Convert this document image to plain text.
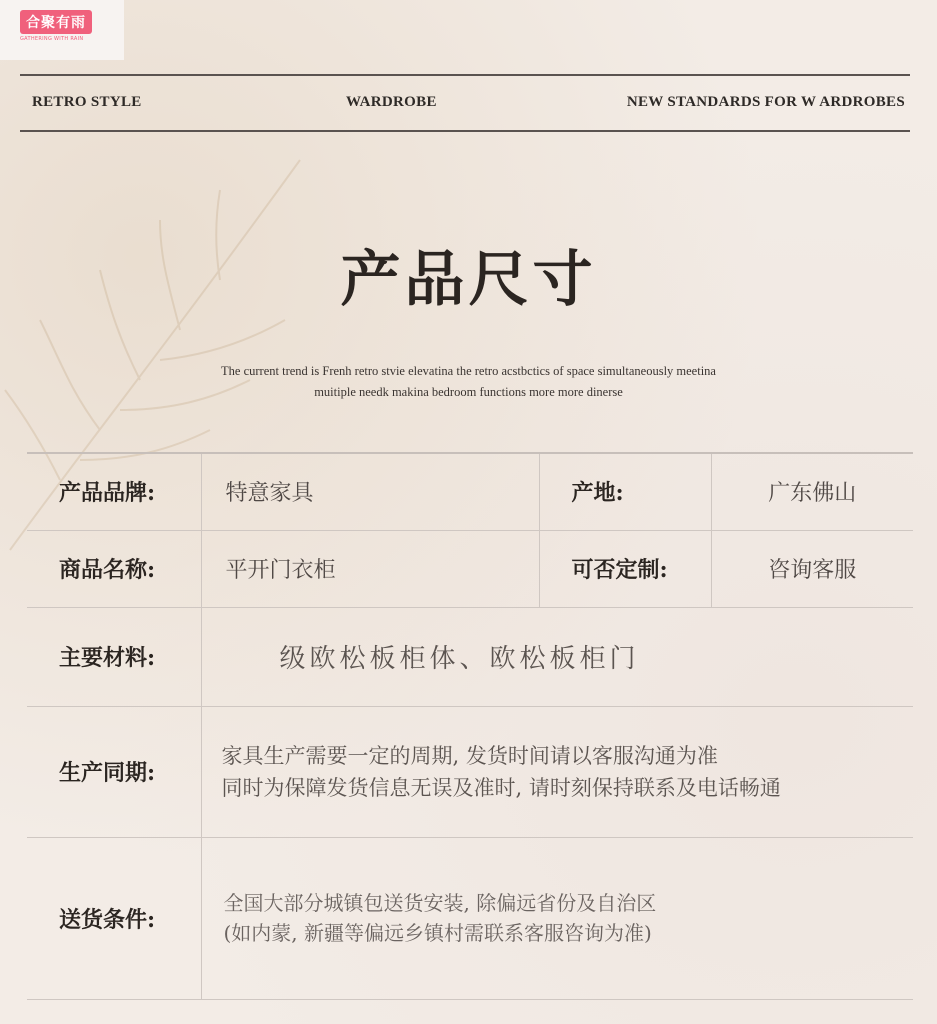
合聚有雨
GATHERING WITH RAIN
RETRO STYLE	WARDROBE	NEW STANDARDS FOR W ARDROBES
产品尺寸
The current trend is Frenh retro stvie elevatina the retro acstbctics of space simultaneously meetina
muitiple needk makina bedroom functions more more dinerse
产品品牌:	特意家具	产地:	广东佛山
商品名称:	平开门衣柜	可否定制:	咨询客服
主要材料:	级欧松板柜体、欧松板柜门		
生产同期:	家具生产需要一定的周期, 发货时间请以客服沟通为准
同时为保障发货信息无误及准时, 请时刻保持联系及电话畅通		

送货条件:	全国大部分城镇包送货安装, 除偏远省份及自治区
(如内蒙, 新疆等偏远乡镇村需联系客服咨询为准)		
